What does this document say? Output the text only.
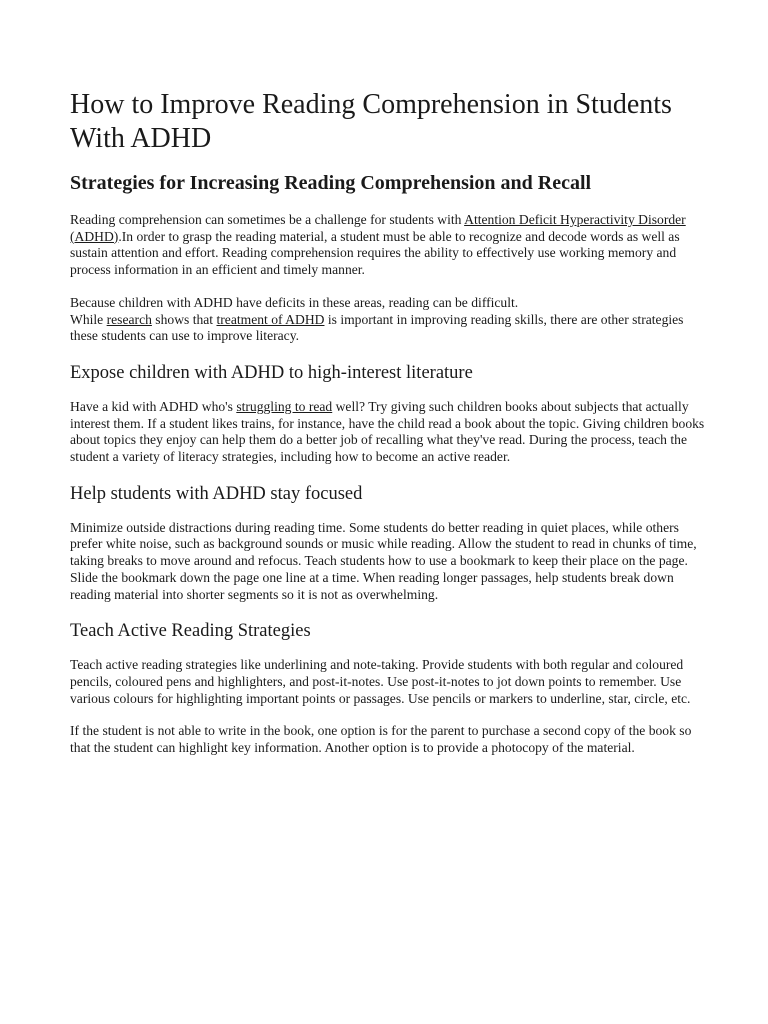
How to Improve Reading Comprehension in Students With ADHD
Strategies for Increasing Reading Comprehension and Recall

Reading comprehension can sometimes be a challenge for students with Attention Deficit Hyperactivity Disorder (ADHD).In order to grasp the reading material, a student must be able to recognize and decode words as well as sustain attention and effort. Reading comprehension requires the ability to effectively use working memory and process information in an efficient and timely manner.

Because children with ADHD have deficits in these areas, reading can be difficult.
While research shows that treatment of ADHD is important in improving reading skills, there are other strategies these students can use to improve literacy.

Expose children with ADHD to high-interest literature

Have a kid with ADHD who's struggling to read well? Try giving such children books about subjects that actually interest them. If a student likes trains, for instance, have the child read a book about the topic. Giving children books about topics they enjoy can help them do a better job of recalling what they've read. During the process, teach the student a variety of literacy strategies, including how to become an active reader.

Help students with ADHD stay focused

Minimize outside distractions during reading time. Some students do better reading in quiet places, while others prefer white noise, such as background sounds or music while reading. Allow the student to read in chunks of time, taking breaks to move around and refocus. Teach students how to use a bookmark to keep their place on the page. Slide the bookmark down the page one line at a time. When reading longer passages, help students break down reading material into shorter segments so it is not as overwhelming.

Teach Active Reading Strategies

Teach active reading strategies like underlining and note-taking. Provide students with both regular and coloured pencils, coloured pens and highlighters, and post-it-notes. Use post-it-notes to jot down points to remember. Use various colours for highlighting important points or passages. Use pencils or markers to underline, star, circle, etc.

If the student is not able to write in the book, one option is for the parent to purchase a second copy of the book so that the student can highlight key information. Another option is to provide a photocopy of the material.
